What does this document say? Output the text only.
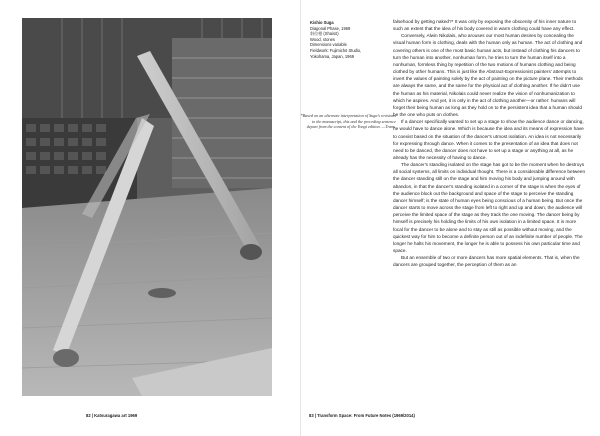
82 | Katsuragawa art 1969
Kishio Suga
Diagonal Phase, 1969
斜位相 (Shaisō)
Wood, stones
Dimensions variable
Fieldwork: Fujimichō Studio,
Yokohama, Japan, 1969
*Based on an alternate interpretation of Suga's revisions to the manuscript, this and the preceding sentence depart from the content of the Yongi edition. —Trans.

falsehood by getting naked?* It was only by exposing the obscenity of his inner nature to such an extent that the idea of his body covered in warm clothing could have any effect.

Conversely, Alwin Nikolais, who arouses our most human desires by concealing the visual human form in clothing, deals with the human only as human. The act of clothing and covering others is one of the most basic human acts, but instead of clothing his dancers to turn the human into another, nonhuman form, he tries to turn the human itself into a nonhuman, formless thing by repetition of the two motions of humans clothing and being

clothed by other humans. This is just like the Abstract-Expressionist painters' attempts to invert the values of painting solely by the act of painting on the picture plane. Their methods are always the same, and the same for the physical act of clothing another. If he didn't use the human as his material, Nikolais could never realize the vision of nonhumanization to which he aspires. And yet, it is only in the act of clothing another—or rather: humans will forget their being human as long as they hold on to the persistent idea that a human should be the one who puts on clothes.

If a dancer specifically wanted to set up a stage to show the audience dance or dancing, he would have to dance alone. Which is because the idea and its means of expression have to coexist based on the situation of the dancer's utmost isolation. An idea is not necessarily for expressing through dance. When it comes to the presentation of an idea that does not need to be danced, the dancer does not have to set up a stage or anything at all, as he already has the necessity of having to dance.

The dancer's standing isolated on the stage has got to be the moment when he destroys all social systems, all limits on individual thought. There is a considerable difference between the dancer standing still on the stage and him moving his body and jumping around with abandon, in that the dancer's standing isolated in a corner of the stage is when the eyes of the audience block out the background and space of the stage to perceive the standing dancer himself; is the state of human eyes being conscious of a human being. But once the dancer starts to move across the stage from left to right and up and down, the audience will perceive the limited space of the stage as they track the one moving. The dancer being by himself is precisely his holding the limits of his own isolation in a limited space. It is more focal for the dancer to be alone and to stay as still as possible without moving, and the quickest way for him to become a definite person out of an indefinite number of people. The longer he halts his movement, the longer he is able to possess his own particular time and space.

But an ensemble of two or more dancers has more spatial elements. That is, when the dancers are grouped together, the perception of them as an

83 | Transform Space: From Future Notes (1969/2014)
